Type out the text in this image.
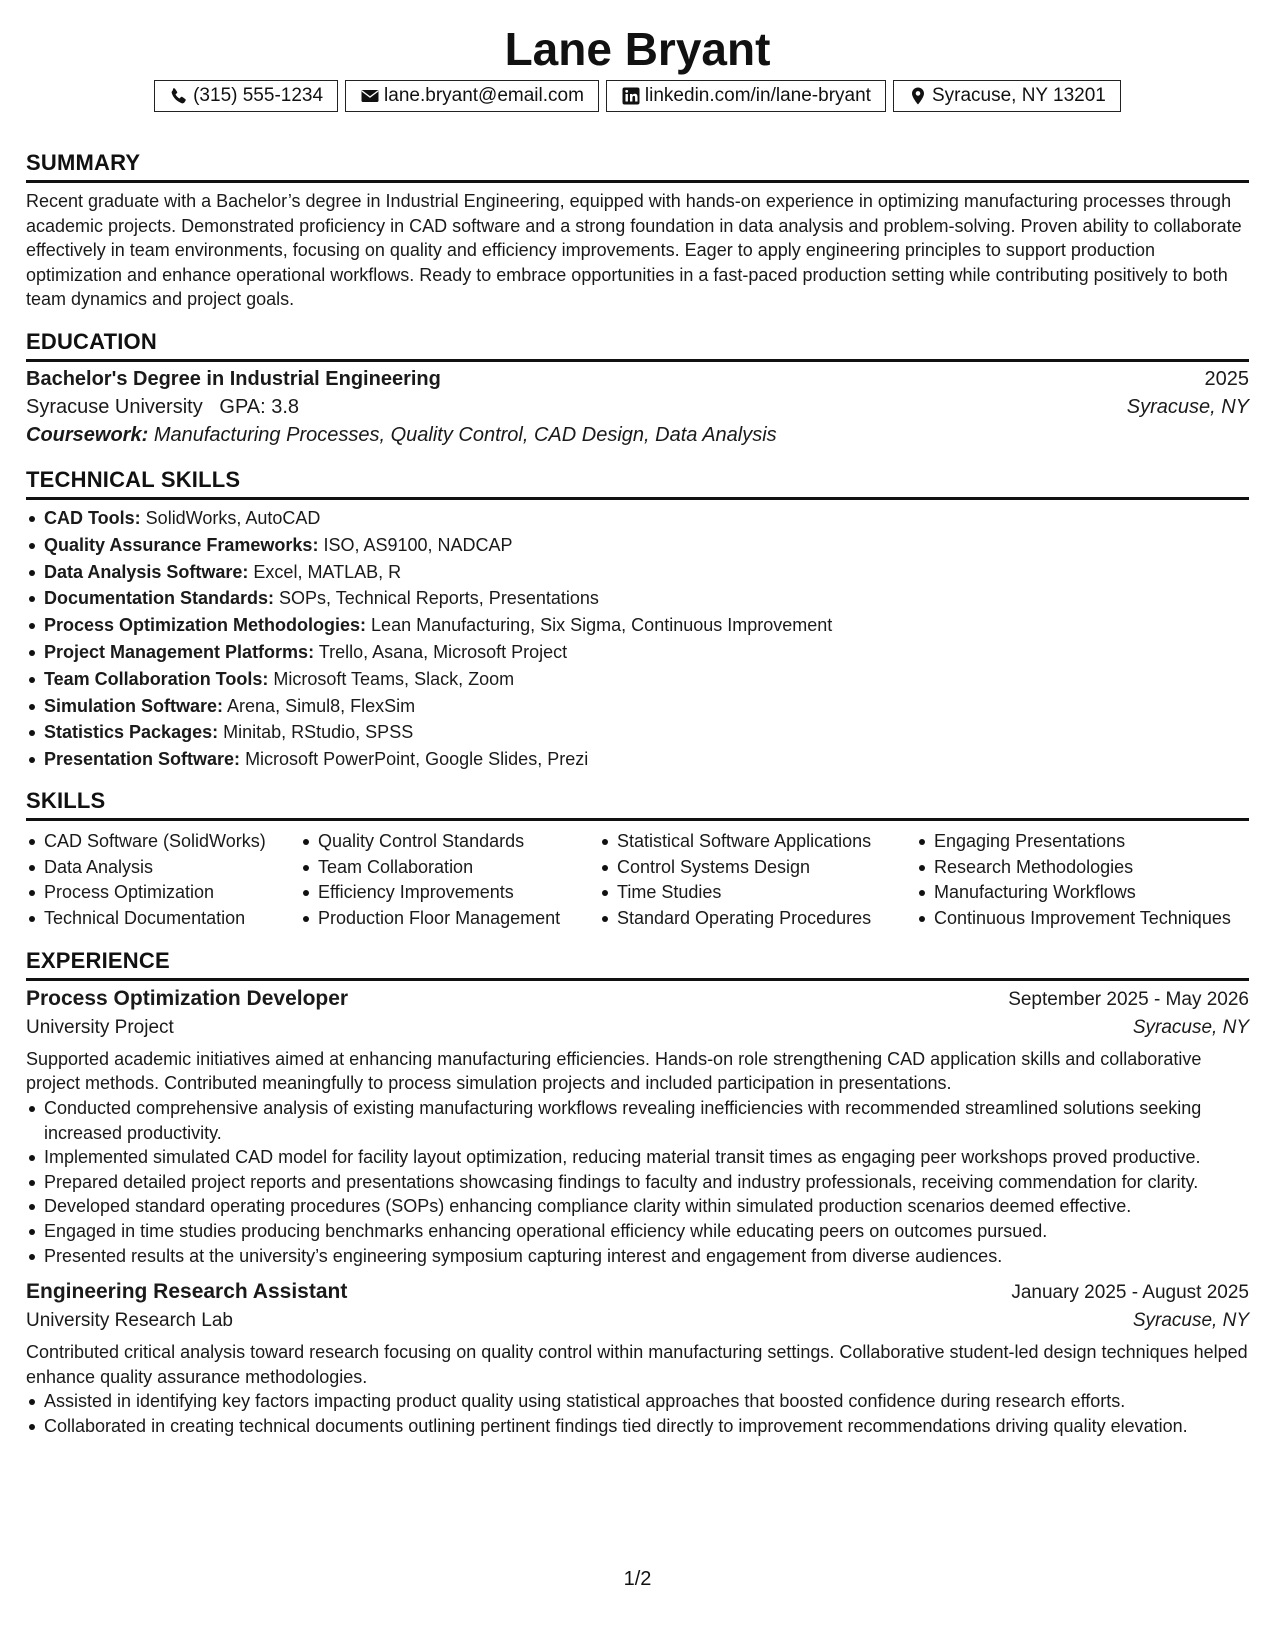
Lane Bryant
(315) 555-1234	lane.bryant@email.com	linkedin.com/in/lane-bryant	Syracuse, NY 13201
SUMMARY

Recent graduate with a Bachelor’s degree in Industrial Engineering, equipped with hands-on experience in optimizing manufacturing processes through academic projects. Demonstrated proficiency in CAD software and a strong foundation in data analysis and problem-solving. Proven ability to collaborate effectively in team environments, focusing on quality and efficiency improvements. Eager to apply engineering principles to support production optimization and enhance operational workflows. Ready to embrace opportunities in a fast-paced production setting while contributing positively to both team dynamics and project goals.

EDUCATION
Bachelor's Degree in Industrial Engineering	2025
Syracuse University GPA: 3.8	Syracuse, NY
Coursework: Manufacturing Processes, Quality Control, CAD Design, Data Analysis
TECHNICAL SKILLS
CAD Tools: SolidWorks, AutoCAD
Quality Assurance Frameworks: ISO, AS9100, NADCAP
Data Analysis Software: Excel, MATLAB, R
Documentation Standards: SOPs, Technical Reports, Presentations
Process Optimization Methodologies: Lean Manufacturing, Six Sigma, Continuous Improvement
Project Management Platforms: Trello, Asana, Microsoft Project
Team Collaboration Tools: Microsoft Teams, Slack, Zoom
Simulation Software: Arena, Simul8, FlexSim
Statistics Packages: Minitab, RStudio, SPSS
Presentation Software: Microsoft PowerPoint, Google Slides, Prezi
SKILLS
CAD Software (SolidWorks)
Data Analysis
Process Optimization
Technical Documentation
Quality Control Standards
Team Collaboration
Efficiency Improvements
Production Floor Management
Statistical Software Applications
Control Systems Design
Time Studies
Standard Operating Procedures
Engaging Presentations
Research Methodologies
Manufacturing Workflows
Continuous Improvement Techniques
EXPERIENCE
Process Optimization Developer	September 2025 - May 2026
University Project	Syracuse, NY

Supported academic initiatives aimed at enhancing manufacturing efficiencies. Hands-on role strengthening CAD application skills and collaborative project methods. Contributed meaningfully to process simulation projects and included participation in presentations.

Conducted comprehensive analysis of existing manufacturing workflows revealing inefficiencies with recommended streamlined solutions seeking increased productivity.
Implemented simulated CAD model for facility layout optimization, reducing material transit times as engaging peer workshops proved productive.
Prepared detailed project reports and presentations showcasing findings to faculty and industry professionals, receiving commendation for clarity.
Developed standard operating procedures (SOPs) enhancing compliance clarity within simulated production scenarios deemed effective.
Engaged in time studies producing benchmarks enhancing operational efficiency while educating peers on outcomes pursued.
Presented results at the university’s engineering symposium capturing interest and engagement from diverse audiences.
Engineering Research Assistant	January 2025 - August 2025
University Research Lab	Syracuse, NY

Contributed critical analysis toward research focusing on quality control within manufacturing settings. Collaborative student-led design techniques helped enhance quality assurance methodologies.

Assisted in identifying key factors impacting product quality using statistical approaches that boosted confidence during research efforts.
Collaborated in creating technical documents outlining pertinent findings tied directly to improvement recommendations driving quality elevation.
1/2
